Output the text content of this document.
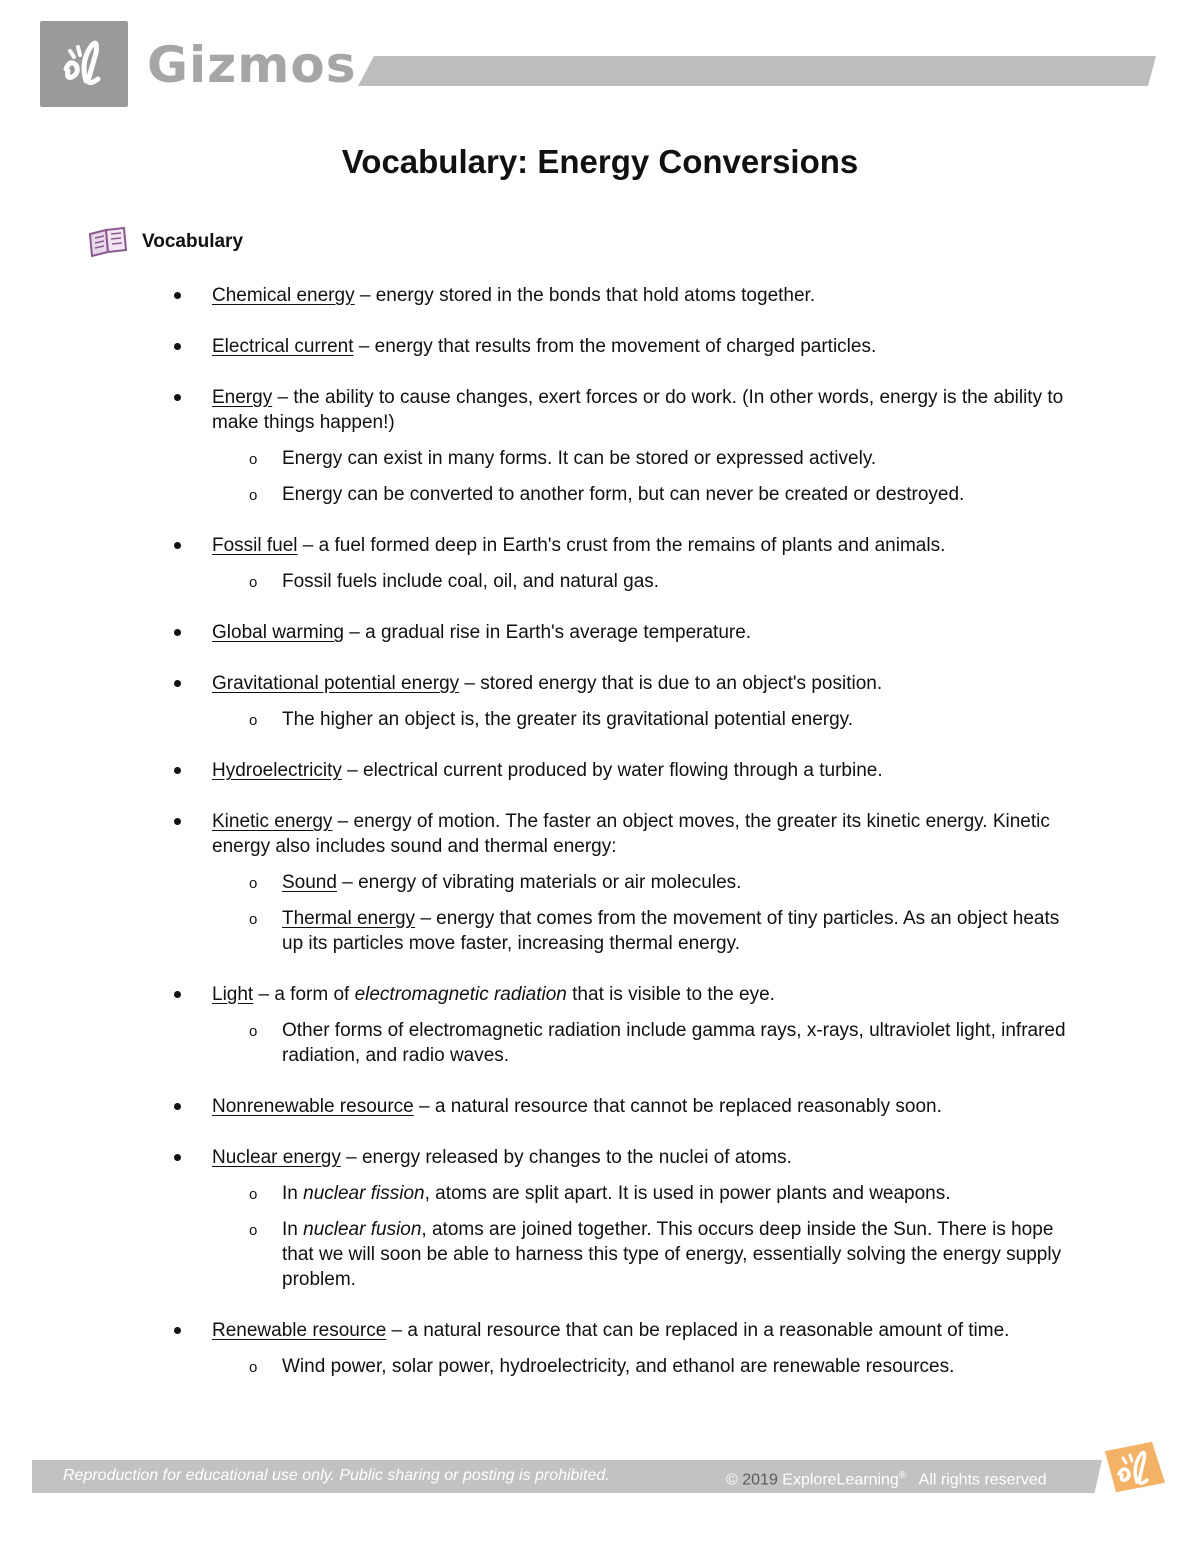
Gizmos
Vocabulary: Energy Conversions
Vocabulary
Chemical energy – energy stored in the bonds that hold atoms together.
Electrical current – energy that results from the movement of charged particles.
Energy – the ability to cause changes, exert forces or do work. (In other words, energy is the ability to make things happen!)
o Energy can exist in many forms. It can be stored or expressed actively.
o Energy can be converted to another form, but can never be created or destroyed.
Fossil fuel – a fuel formed deep in Earth's crust from the remains of plants and animals.
o Fossil fuels include coal, oil, and natural gas.
Global warming – a gradual rise in Earth's average temperature.
Gravitational potential energy – stored energy that is due to an object's position.
o The higher an object is, the greater its gravitational potential energy.
Hydroelectricity – electrical current produced by water flowing through a turbine.
Kinetic energy – energy of motion. The faster an object moves, the greater its kinetic energy. Kinetic energy also includes sound and thermal energy:
o Sound – energy of vibrating materials or air molecules.
o Thermal energy – energy that comes from the movement of tiny particles. As an object heats up its particles move faster, increasing thermal energy.
Light – a form of electromagnetic radiation that is visible to the eye.
o Other forms of electromagnetic radiation include gamma rays, x-rays, ultraviolet light, infrared radiation, and radio waves.
Nonrenewable resource – a natural resource that cannot be replaced reasonably soon.
Nuclear energy – energy released by changes to the nuclei of atoms.
o In nuclear fission, atoms are split apart. It is used in power plants and weapons.
o In nuclear fusion, atoms are joined together. This occurs deep inside the Sun. There is hope that we will soon be able to harness this type of energy, essentially solving the energy supply problem.
Renewable resource – a natural resource that can be replaced in a reasonable amount of time.
o Wind power, solar power, hydroelectricity, and ethanol are renewable resources.
Reproduction for educational use only. Public sharing or posting is prohibited.	© 2019 ExploreLearning® All rights reserved
